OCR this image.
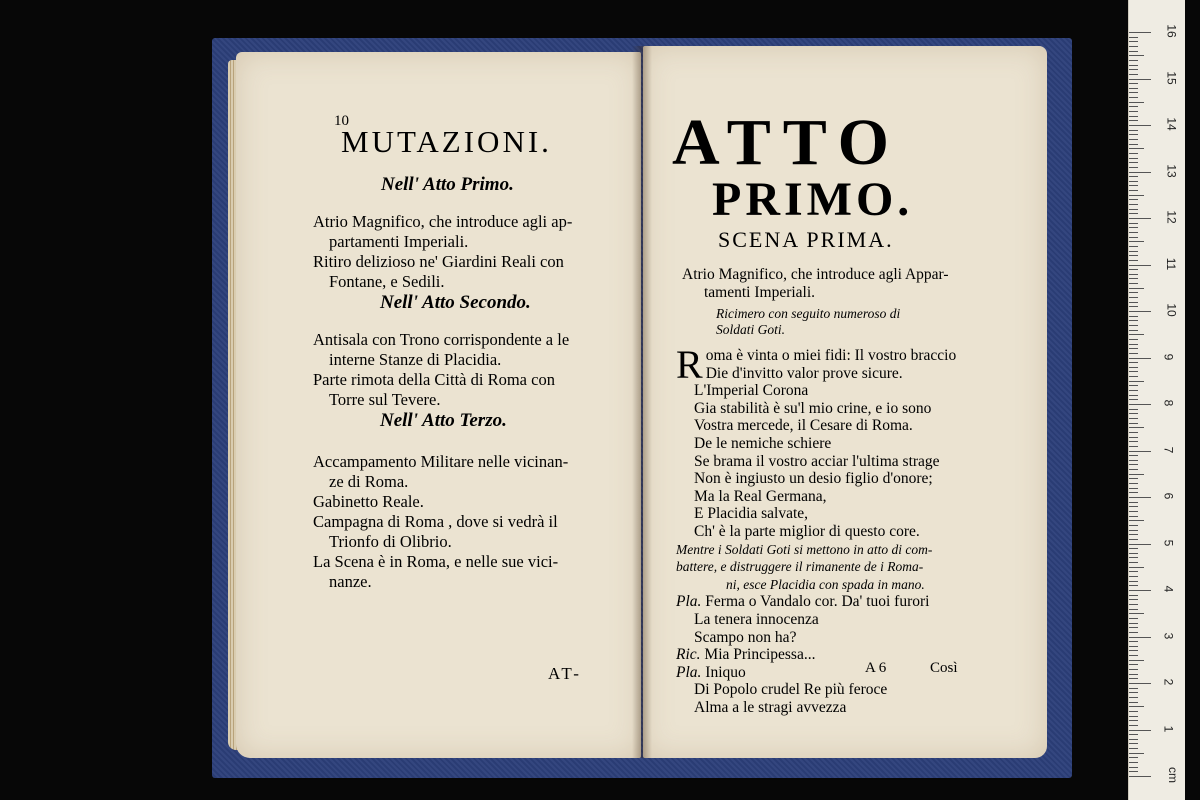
10
MUTAZIONI.
Nell' Atto Primo.
Atrio Magnifico, che introduce agli ap-
partamenti Imperiali.
Ritiro delizioso ne' Giardini Reali con
Fontane, e Sedili.
Nell' Atto Secondo.
Antisala con Trono corrispondente a le
interne Stanze di Placidia.
Parte rimota della Città di Roma con
Torre sul Tevere.
Nell' Atto Terzo.
Accampamento Militare nelle vicinan-
ze di Roma.
Gabinetto Reale.
Campagna di Roma , dove si vedrà il
Trionfo di Olibrio.
La Scena è in Roma, e nelle sue vici-
nanze.
AT-
ATTO
PRIMO.
SCENA PRIMA.
Atrio Magnifico, che introduce agli Appar-
tamenti Imperiali.
Ricimero con seguito numeroso di
Soldati Goti.
R oma è vinta o miei fidi: Il vostro braccio
Die d'invitto valor prove sicure.
L'Imperial Corona
Gia stabilità è su'l mio crine, e io sono
Vostra mercede, il Cesare di Roma.
De le nemiche schiere
Se brama il vostro acciar l'ultima strage
Non è ingiusto un desio figlio d'onore;
Ma la Real Germana,
E Placidia salvate,
Ch' è la parte miglior di questo core.
Mentre i Soldati Goti si mettono in atto di com-
battere, e distruggere il rimanente de i Roma-
ni, esce Placidia con spada in mano.
Pla. Ferma o Vandalo cor. Da' tuoi furori
La tenera innocenza
Scampo non ha?
Ric. Mia Principessa...
Pla. Iniquo
Di Popolo crudel Re più feroce
Alma a le stragi avvezza
A 6	Così
16
15
14
13
12
11
10
9
8
7
6
5
4
3
2
1
cm
